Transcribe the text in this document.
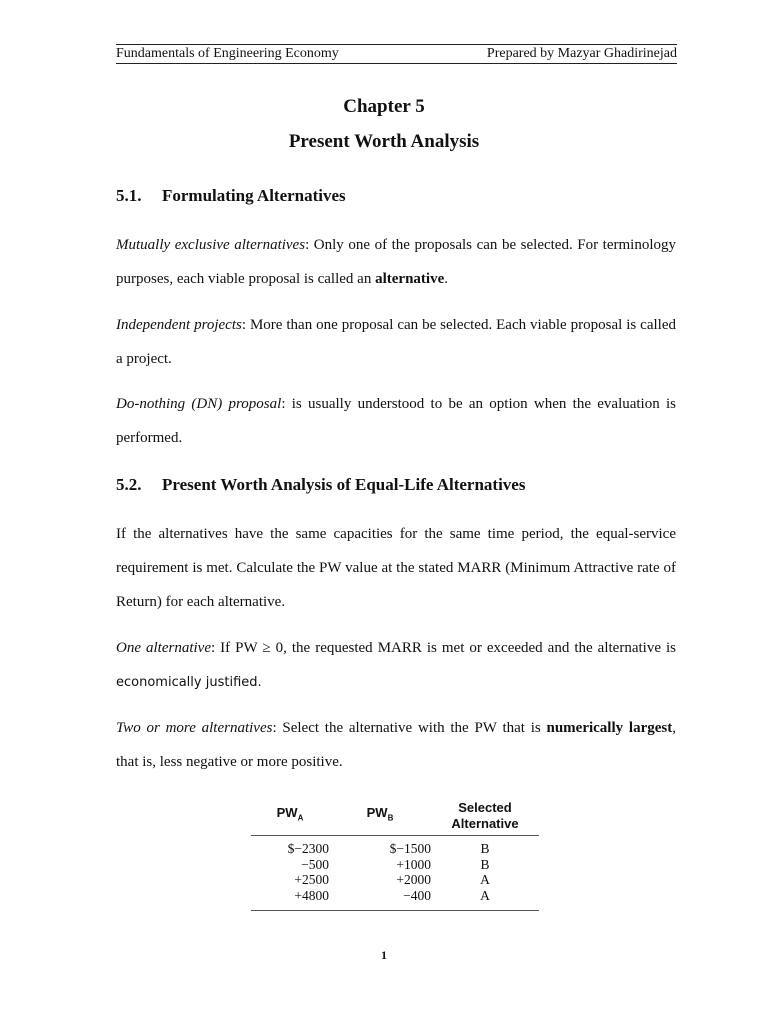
Fundamentals of Engineering Economy	Prepared by Mazyar Ghadirinejad
Chapter 5
Present Worth Analysis
5.1. Formulating Alternatives
Mutually exclusive alternatives: Only one of the proposals can be selected. For terminology purposes, each viable proposal is called an alternative.
Independent projects: More than one proposal can be selected. Each viable proposal is called a project.
Do-nothing (DN) proposal: is usually understood to be an option when the evaluation is performed.
5.2. Present Worth Analysis of Equal-Life Alternatives
If the alternatives have the same capacities for the same time period, the equal-service requirement is met. Calculate the PW value at the stated MARR (Minimum Attractive rate of Return) for each alternative.
One alternative: If PW ≥ 0, the requested MARR is met or exceeded and the alternative is economically justified.
Two or more alternatives: Select the alternative with the PW that is numerically largest, that is, less negative or more positive.
$PW_A$	$PW_B$	Selected Alternative
$−2300	$−1500	B
−500	+1000	B
+2500	+2000	A
+4800	−400	A
1
